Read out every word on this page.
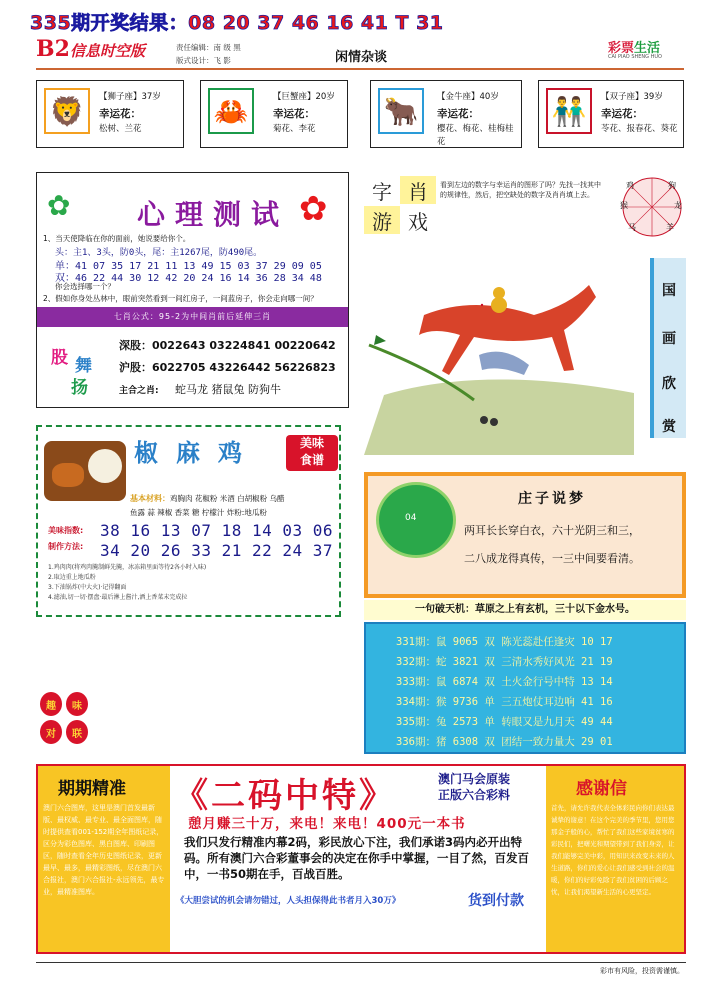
335期开奖结果：08 20 37 46 16 41 T 31
B2 信息时空版	责任编辑：南 级 黑
版式设计：飞 影	闲情杂谈
彩票生活
CAI PIAO SHENG HUO
🦁	【狮子座】37岁
幸运花：
松树、兰花
🦀	【巨蟹座】20岁
幸运花：
菊花、李花
🐂	【金牛座】40岁
幸运花：
樱花、梅花、桂梅桂花
👬	【双子座】39岁
幸运花：
苓花、报春花、葵花
✿	✿
心理测试
1、当天使降临在你的面前，她说要给你个。
头：主1、3头，防0头，尾：主1267尾，防490尾。
单：41 07 35 17 21 11 13 49 15 03 37 29 09 05
双：46 22 44 30 12 42 20 24 16 14 36 28 34 48
你会选择哪一个？
2、假如你身处丛林中，眼前突然看到一间红房子，一间蓝房子，你会走向哪一间？
七肖公式：95-2为中间肖前后延伸三肖
股 舞
扬
深股：0022643 03224841 00220642
沪股：6022705 43226442 56226823
主合之肖: 蛇马龙 猪鼠兔 防狗牛
字 肖
游 戏
看到左边的数字与幸运肖的图形了吗？先找一找其中的规律性，然后，把空缺处的数字及肖肖填上去。
鸡	狗
猴	龙
马	羊
国
画
欣
赏
椒麻鸡	美味
食谱
基本材料：鸡胸肉 花椒粉 米酒 白胡椒粉 乌醋
鱼露 蒜 辣椒 香菜 糖 柠檬汁 炸粉:地瓜粉
美味指数:
制作方法:
38 16 13 07 18 14 03 06
34 20 26 33 21 22 24 37
1.鸡肉肉(将鸡肉腌制鲜先腌，冰冻箱里面等待2各小时入味)
2.取边重上地瓜粉
3.下油锅炸(中大火)·记得翻面
4.滤油,切一切·摆盘·最后淋上酱汁,洒上香菜末完成拉
04
庄子说梦
两耳长长穿白衣，六十光阴三和三，
二八成龙得真传，一三中间要看清。
一句破天机：草原之上有玄机，三十以下金水号。
331期：鼠 9065 双 陈光蕊赴任逢灾 10 17
332期：蛇 3821 双 三清水秀好风光 21 19
333期：鼠 6874 双 土火金行号中特 13 14
334期：猴 9736 单 三五炮仗耳边响 41 16
335期：兔 2573 单 转眼又是九月天 49 44
336期：猪 6308 双 团结一致力量大 29 01
趣	味
对	联
期期精准
澳门六合图库，这里是澳门首发最新版、最权威、最专业、最全面图库，随时提供查看001-152期全年图纸记录，区分为彩色图库、黑白图库、印刷图区，随时查看全年历史图纸记录，更新最早、最多，最精彩图纸，尽在澳门六合报社，澳门六合报社-永远领先，最专业，最精准图库。
《二码中特》	澳门马会原装
正版六合彩料
憩月赚三十万，来电！来电！400元一本书
我们只发行精准内幕2码，彩民放心下注，我们承诺3码内必开出特码。所有澳门六合彩董事会的决定在你手中掌握，一目了然，百发百中，一书50期在手，百战百胜。
《大胆尝试的机会请勿错过，人头担保得此书者月入30万》	货到付款
感谢信
首先，请允许我代表全体彩民向你们表达最诚挚的谢意！在这个完美的季节里，您用您那金子般的心，帮忙了我们这些家境贫寒的彩民们，把曙光和期望带到了我们身旁，让我们能够完美中彩，用知识来改变未来的人生道路，你们的爱心让我们感受到社会的温暖，你们的好彩免除了我们贫困的后顾之忧，让我们渴望新生活的心更坚定。
彩市有风险，投资需谨慎。
